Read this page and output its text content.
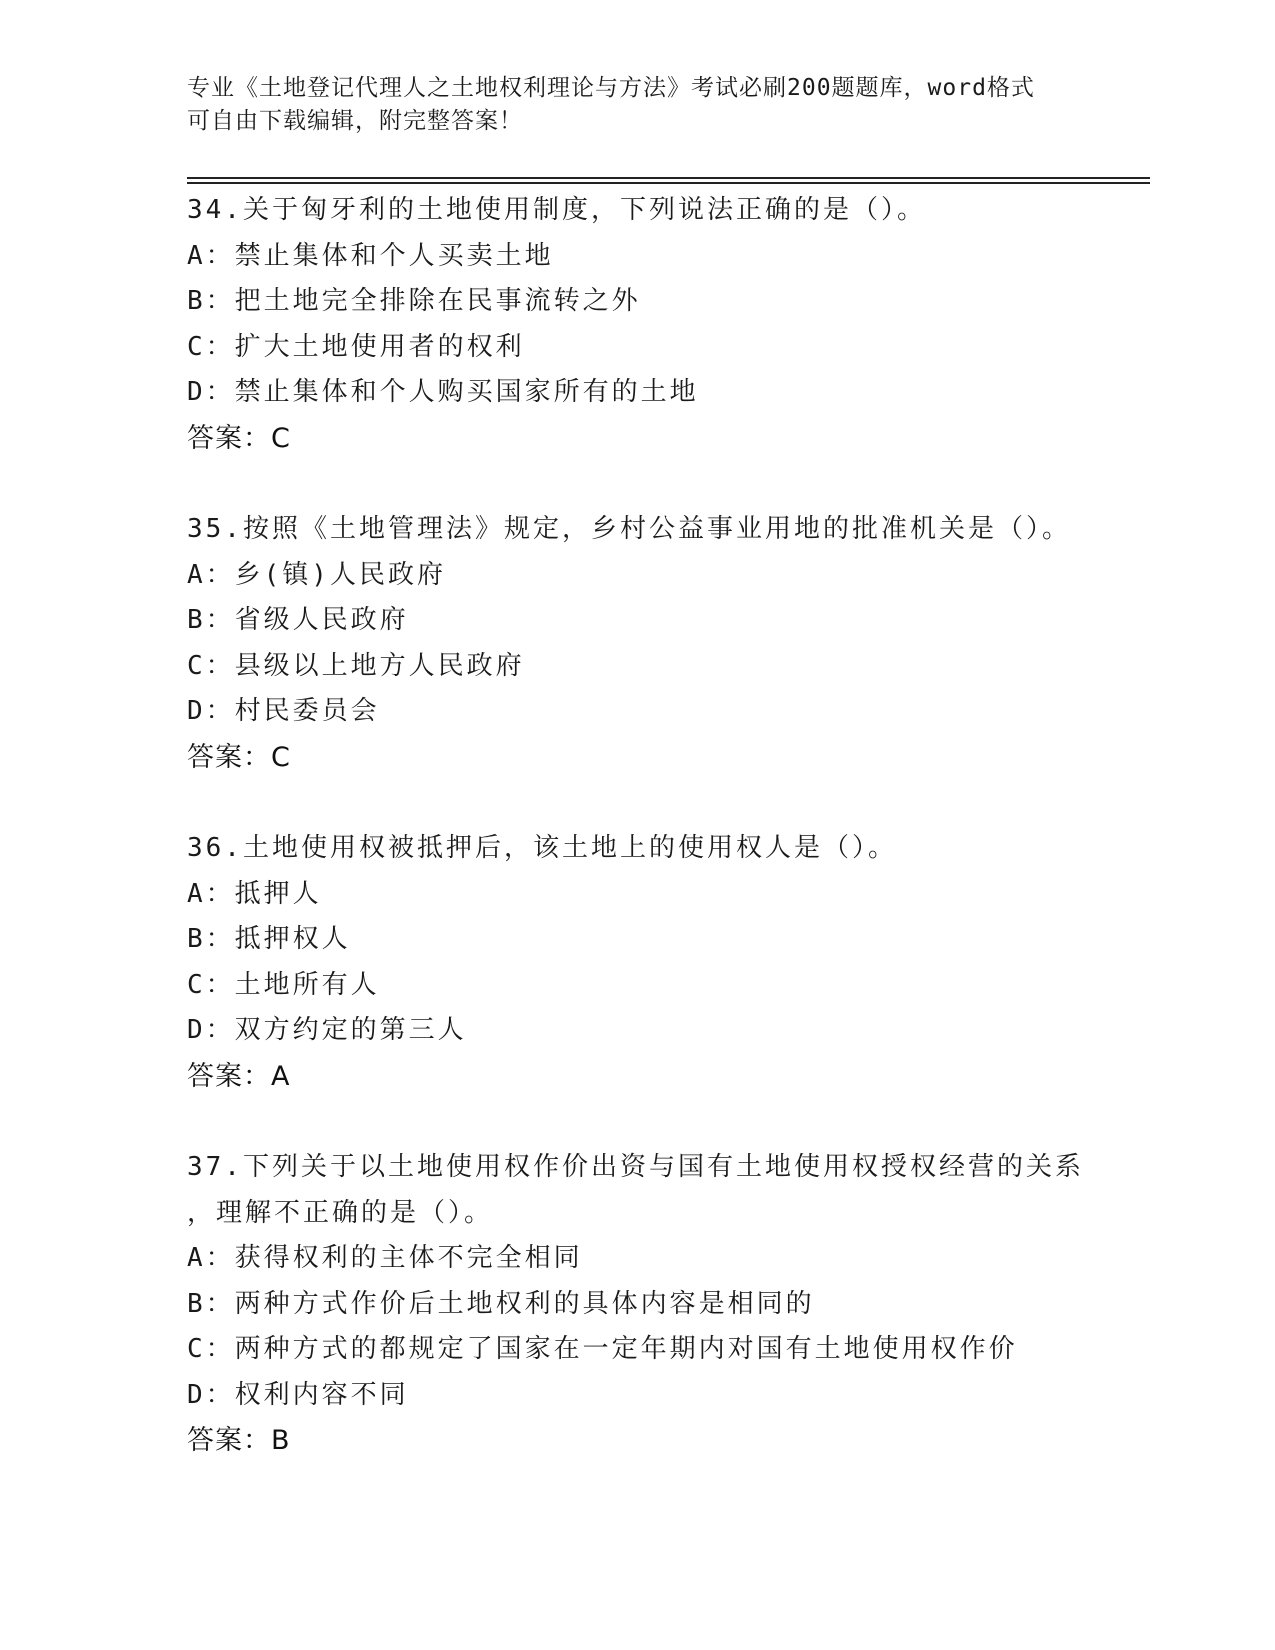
专业《土地登记代理人之土地权利理论与方法》考试必刷200题题库，word格式
可自由下载编辑，附完整答案！
34.关于匈牙利的土地使用制度，下列说法正确的是（）。
A：禁止集体和个人买卖土地
B：把土地完全排除在民事流转之外
C：扩大土地使用者的权利
D：禁止集体和个人购买国家所有的土地
答案：C
35.按照《土地管理法》规定，乡村公益事业用地的批准机关是（）。
A：乡(镇)人民政府
B：省级人民政府
C：县级以上地方人民政府
D：村民委员会
答案：C
36.土地使用权被抵押后，该土地上的使用权人是（）。
A：抵押人
B：抵押权人
C：土地所有人
D：双方约定的第三人
答案：A
37.下列关于以土地使用权作价出资与国有土地使用权授权经营的关系
，理解不正确的是（）。
A：获得权利的主体不完全相同
B：两种方式作价后土地权利的具体内容是相同的
C：两种方式的都规定了国家在一定年期内对国有土地使用权作价
D：权利内容不同
答案：B
